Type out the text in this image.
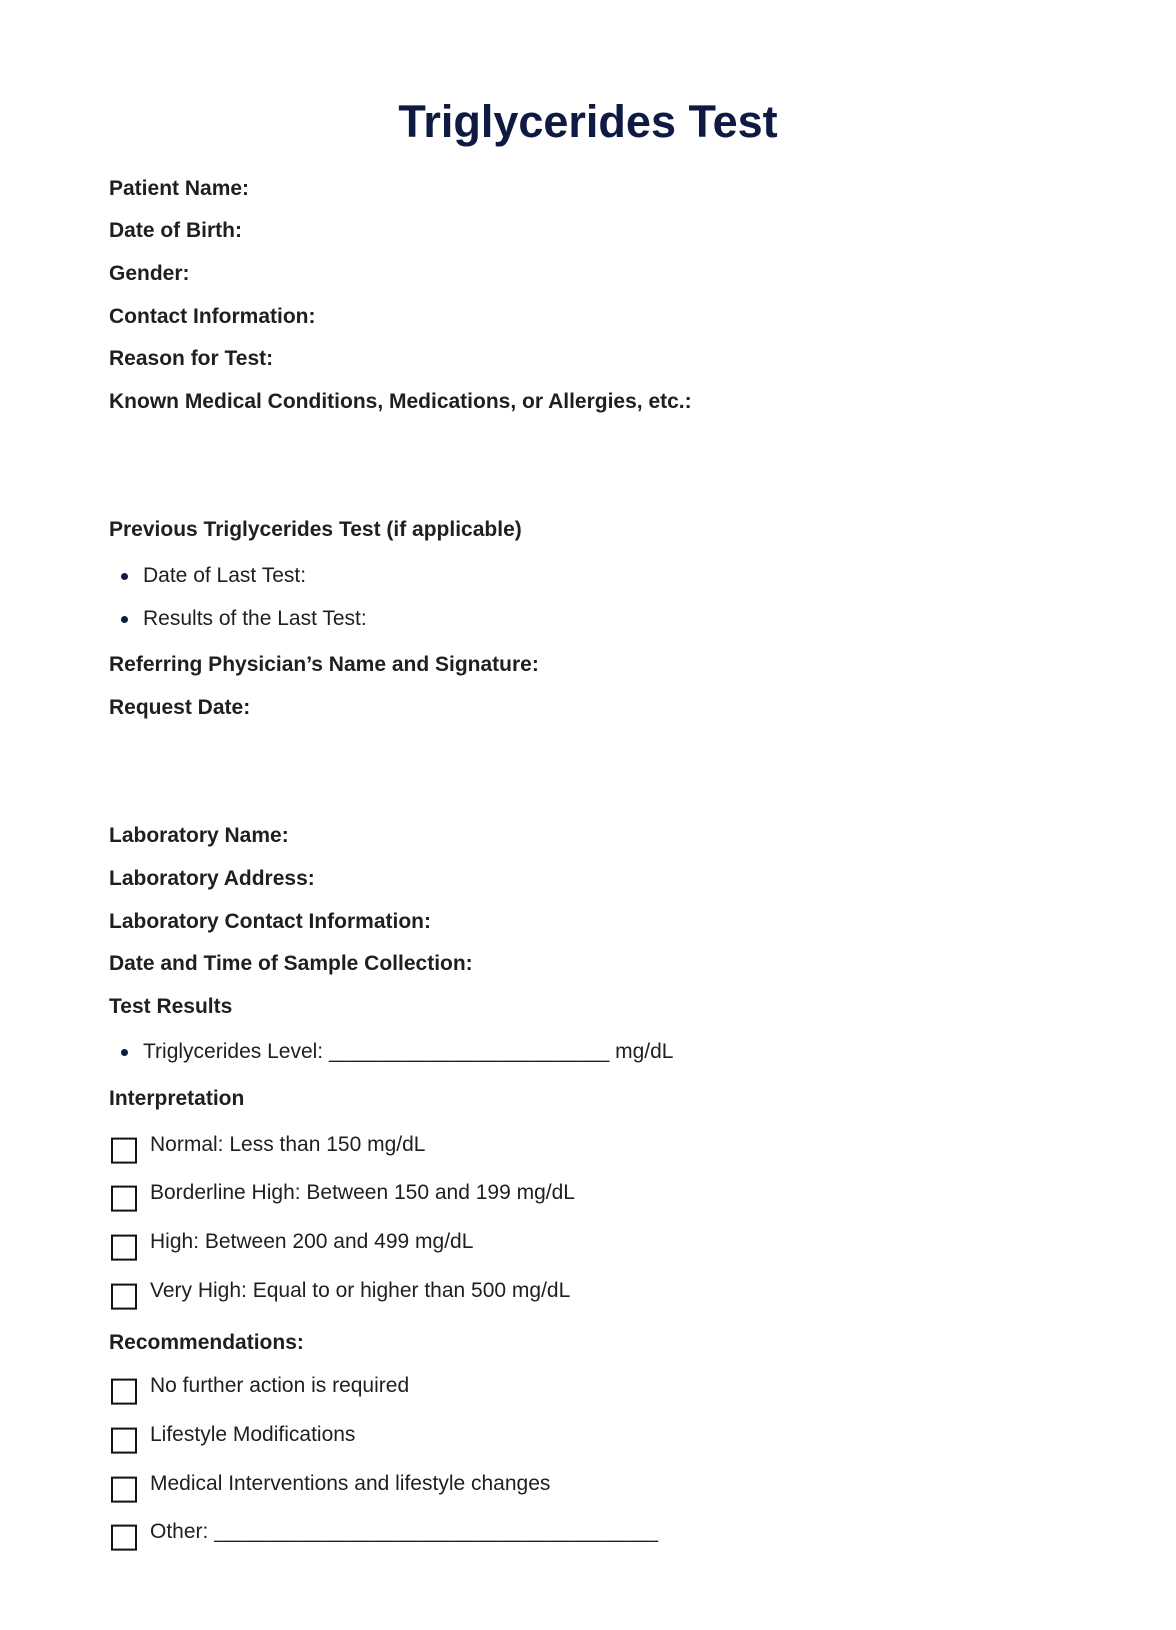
Triglycerides Test
Patient Name:
Date of Birth:
Gender:
Contact Information:
Reason for Test:
Known Medical Conditions, Medications, or Allergies, etc.:
Previous Triglycerides Test (if applicable)
Date of Last Test:
Results of the Last Test:
Referring Physician’s Name and Signature:
Request Date:
Laboratory Name:
Laboratory Address:
Laboratory Contact Information:
Date and Time of Sample Collection:
Test Results
Triglycerides Level: ________________________ mg/dL
Interpretation
Normal: Less than 150 mg/dL
Borderline High: Between 150 and 199 mg/dL
High: Between 200 and 499 mg/dL
Very High: Equal to or higher than 500 mg/dL
Recommendations:
No further action is required
Lifestyle Modifications
Medical Interventions and lifestyle changes
Other: ______________________________________
